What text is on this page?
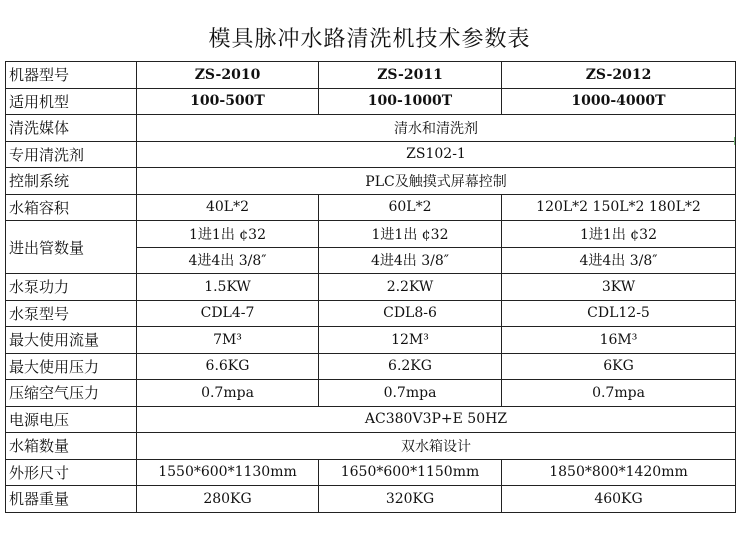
模具脉冲水路清洗机技术参数表
机器型号	ZS-2010	ZS-2011	ZS-2012
适用机型	100-500T	100-1000T	1000-4000T
清洗媒体	清水和清洗剂		
专用清洗剂	ZS102-1		
控制系统	PLC及触摸式屏幕控制		
水箱容积	40L*2	60L*2	120L*2 150L*2 180L*2
进出管数量	1进1出 ¢32	1进1出 ¢32	1进1出 ¢32
	4进4出 3/8″	4进4出 3/8″	4进4出 3/8″
水泵功力	1.5KW	2.2KW	3KW
水泵型号	CDL4-7	CDL8-6	CDL12-5
最大使用流量	7M³	12M³	16M³
最大使用压力	6.6KG	6.2KG	6KG
压缩空气压力	0.7mpa	0.7mpa	0.7mpa
电源电压	AC380V3P+E 50HZ		
水箱数量	双水箱设计		
外形尺寸	1550*600*1130mm	1650*600*1150mm	1850*800*1420mm
机器重量	280KG	320KG	460KG
